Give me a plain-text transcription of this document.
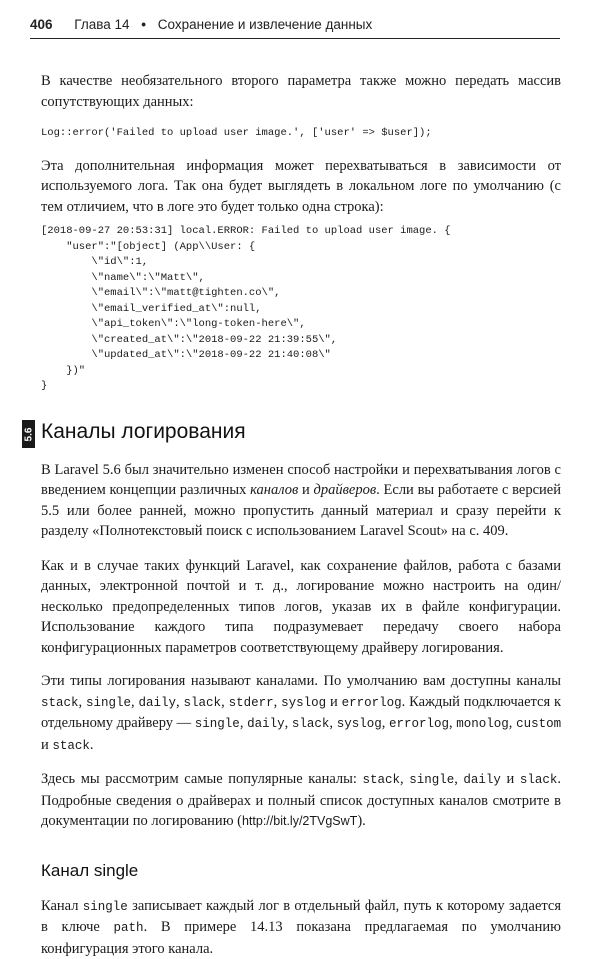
406 Глава 14 • Сохранение и извлечение данных
5.6

В качестве необязательного второго параметра также можно передать массив сопутствующих данных:

Log::error('Failed to upload user image.', ['user' => $user]);

Эта дополнительная информация может перехватываться в зависимости от используемого лога. Так она будет выглядеть в локальном логе по умолчанию (с тем отличием, что в логе это будет только одна строка):

[2018-09-27 20:53:31] local.ERROR: Failed to upload user image. {
"user":"[object] (App\\User: {
\"id\":1,
\"name\":\"Matt\",
\"email\":\"matt@tighten.co\",
\"email_verified_at\":null,
\"api_token\":\"long-token-here\",
\"created_at\":\"2018-09-22 21:39:55\",
\"updated_at\":\"2018-09-22 21:40:08\"
})"
}
Каналы логирования

В Laravel 5.6 был значительно изменен способ настройки и перехватывания логов с введением концепции различных каналов и драйверов. Если вы работаете с версией 5.5 или более ранней, можно пропустить данный материал и сразу перейти к разделу «Полнотекстовый поиск с использованием Laravel Scout» на с. 409.

Как и в случае таких функций Laravel, как сохранение файлов, работа с базами данных, электронной почтой и т. д., логирование можно настроить на один/несколько предопределенных типов логов, указав их в файле конфигурации. Использование каждого типа подразумевает передачу своего набора конфигурационных параметров соответствующему драйверу логирования.

Эти типы логирования называют каналами. По умолчанию вам доступны каналы stack, single, daily, slack, stderr, syslog и errorlog. Каждый подключается к отдельному драйверу — single, daily, slack, syslog, errorlog, monolog, custom и stack.

Здесь мы рассмотрим самые популярные каналы: stack, single, daily и slack. Подробные сведения о драйверах и полный список доступных каналов смотрите в документации по логированию (http://bit.ly/2TVgSwT).

Канал single

Канал single записывает каждый лог в отдельный файл, путь к которому задается в ключе path. В примере 14.13 показана предлагаемая по умолчанию конфигурация этого канала.
